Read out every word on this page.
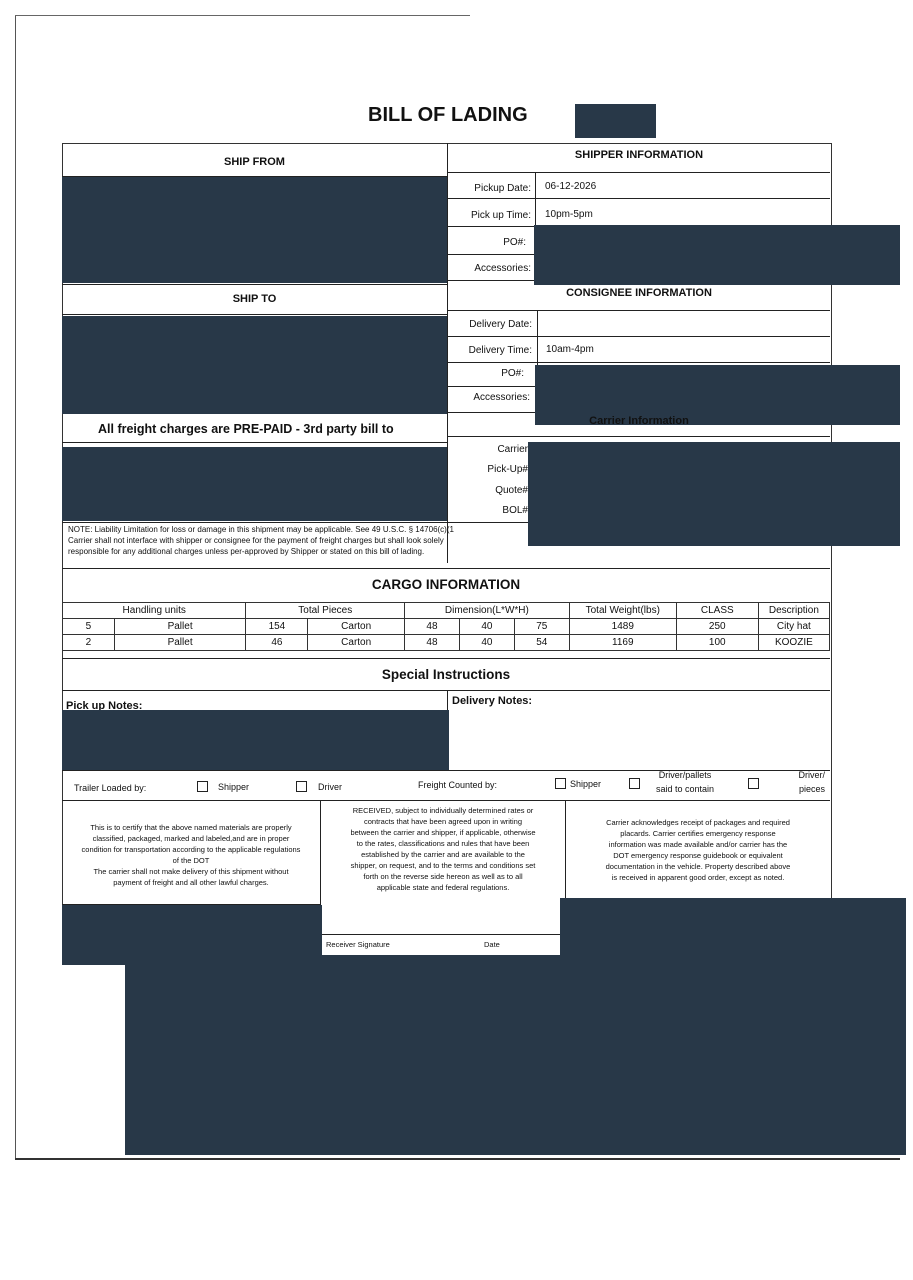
BILL OF LADING
SHIP FROM
SHIP TO
All freight charges are PRE-PAID - 3rd party bill to
SHIPPER INFORMATION
Pickup Date: 06-12-2026
Pick up Time: 10pm-5pm
PO#:
Accessories:
CONSIGNEE INFORMATION
Delivery Date:
Delivery Time: 10am-4pm
PO#:
Accessories:
Carrier Information
Carrier
Pick-Up#
Quote#
BOL#
NOTE: Liability Limitation for loss or damage in this shipment may be applicable. See 49 U.S.C. § 14706(c)(1
Carrier shall not interface with shipper or consignee for the payment of freight charges but shall look solely
responsible for any additional charges unless per-approved by Shipper or stated on this bill of lading.
CARGO INFORMATION
Handling units		Total Pieces		Dimension(L*W*H)			Total Weight(lbs)	CLASS	Description
5	Pallet	154	Carton	48	40	75	1489	250	City hat
2	Pallet	46	Carton	48	40	54	1169	100	KOOZIE
Special Instructions
Pick up Notes:	Delivery Notes:
Trailer Loaded by:	Shipper	Driver	Freight Counted by:	Shipper
Driver/pallets
said to contain
Driver/
pieces
This is to certify that the above named materials are properly
classified, packaged, marked and labeled,and are in proper
condition for transportation according to the applicable regulations
of the DOT
The carrier shall not make delivery of this shipment without
payment of freight and all other lawful charges.
RECEIVED, subject to individually determined rates or
contracts that have been agreed upon in writing
between the carrier and shipper, if applicable, otherwise
to the rates, classifications and rules that have been
established by the carrier and are available to the
shipper, on request, and to the terms and conditions set
forth on the reverse side hereon as well as to all
applicable state and federal regulations.
Carrier acknowledges receipt of packages and required
placards. Carrier certifies emergency response
information was made available and/or carrier has the
DOT emergency response guidebook or equivalent
documentation in the vehicle. Property described above
is received in apparent good order, except as noted.
Receiver Signature	Date
